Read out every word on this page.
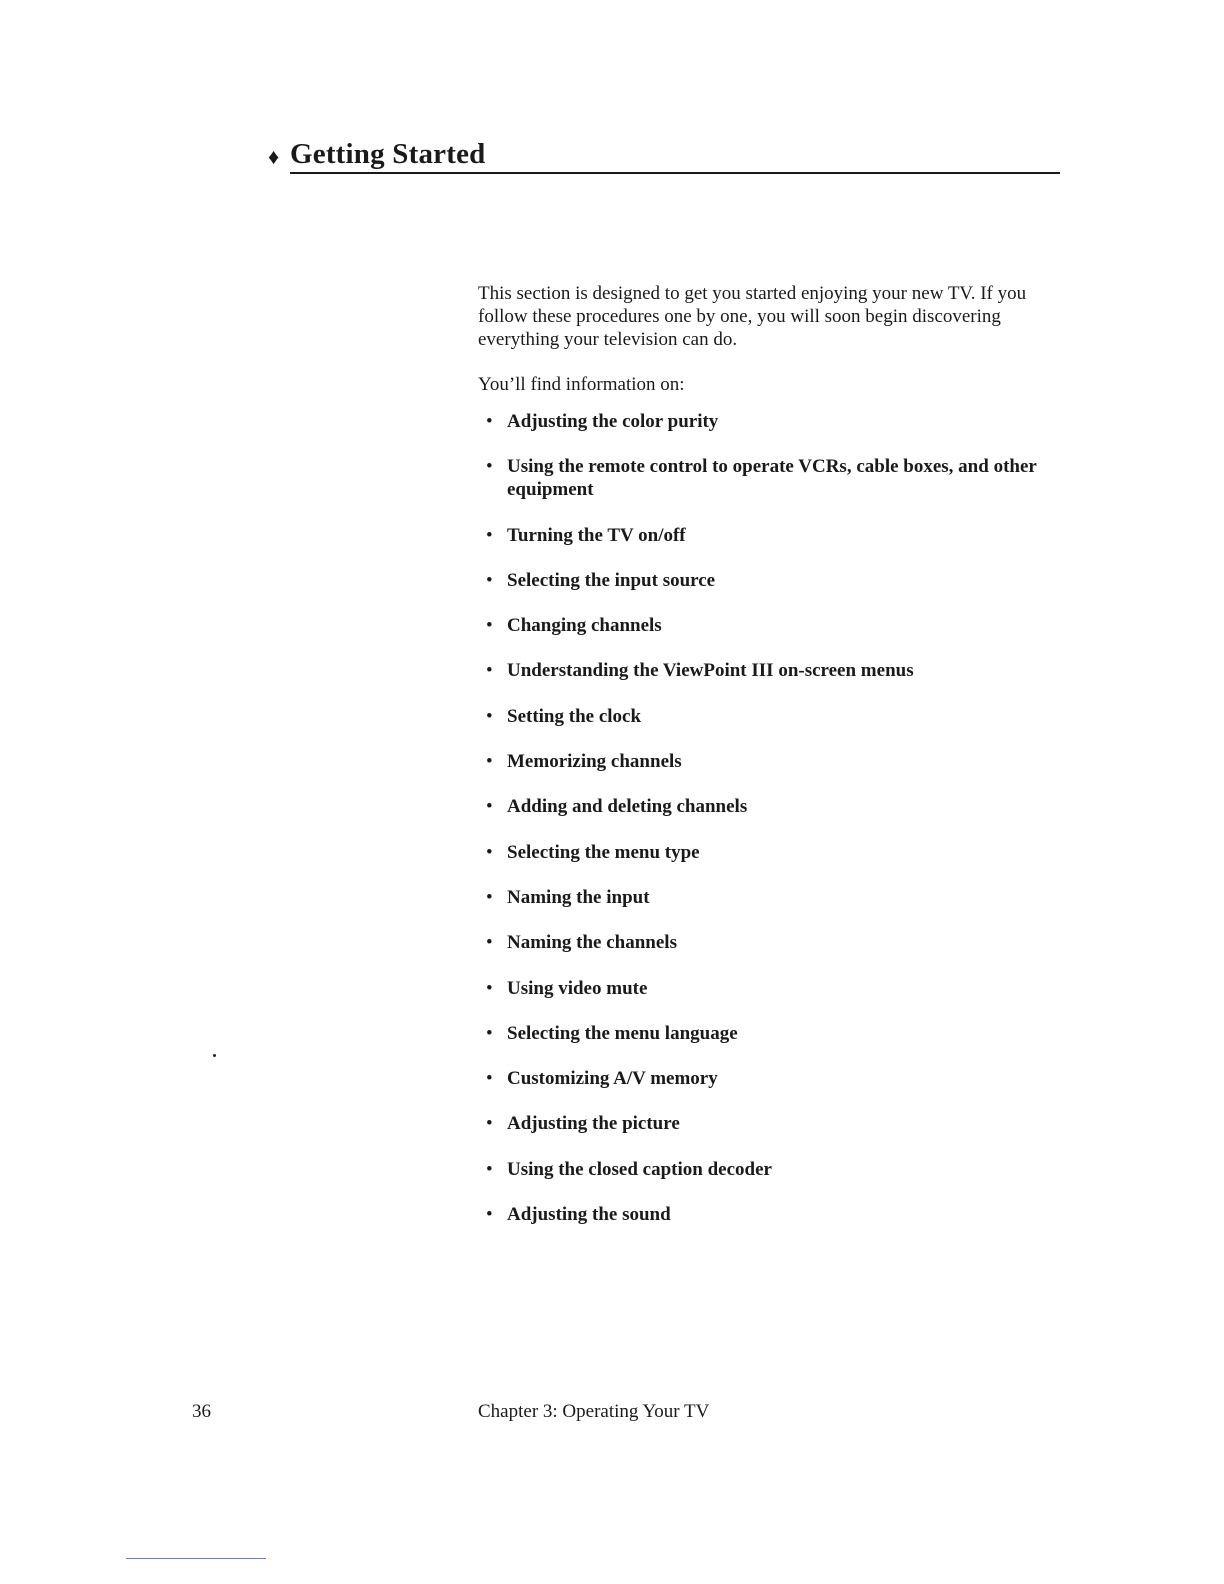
♦ Getting Started

This section is designed to get you started enjoying your new TV. If you follow these procedures one by one, you will soon begin discovering everything your television can do.

You’ll find information on:

• Adjusting the color purity
• Using the remote control to operate VCRs, cable boxes, and other equipment
• Turning the TV on/off
• Selecting the input source
• Changing channels
• Understanding the ViewPoint III on-screen menus
• Setting the clock
• Memorizing channels
• Adding and deleting channels
• Selecting the menu type
• Naming the input
• Naming the channels
• Using video mute
• Selecting the menu language
• Customizing A/V memory
• Adjusting the picture
• Using the closed caption decoder
• Adjusting the sound
36	Chapter 3: Operating Your TV
